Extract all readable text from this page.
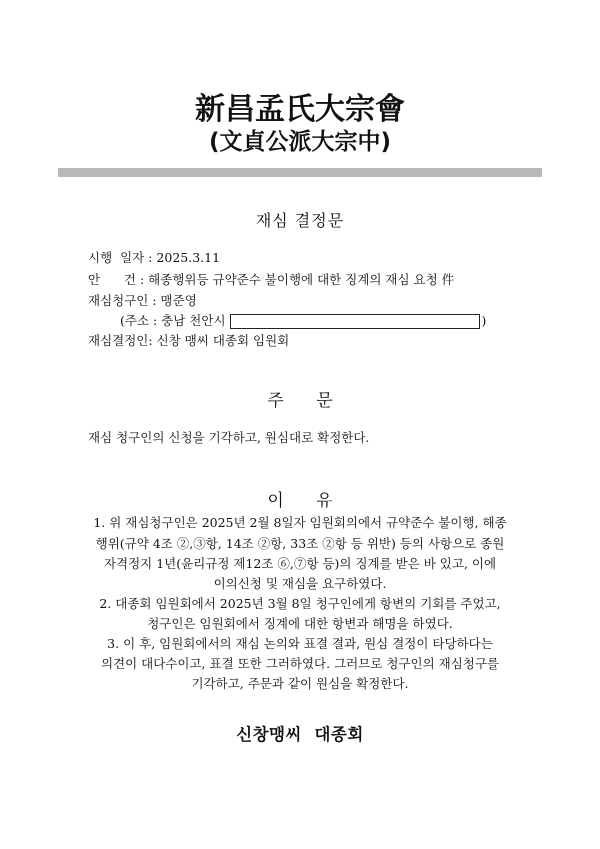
新昌孟氏大宗會
(文貞公派大宗中)
재심 결정문
시행  일자 : 2025.3.11
안      건 : 해종행위등 규약준수 불이행에 대한 징계의 재심 요청 件
재심청구인 : 맹준영
(주소 : 충남 천안시	)
재심결정인: 신창 맹씨 대종회 임원회
주      문
재심 청구인의 신청을 기각하고, 원심대로 확정한다.
이      유
1. 위 재심청구인은 2025년 2월 8일자 임원회의에서 규약준수 불이행, 해종
행위(규약 4조 ②,③항, 14조 ②항, 33조 ②항 등 위반) 등의 사항으로 종원
자격정지 1년(윤리규정 제12조 ⑥,⑦항 등)의 징계를 받은 바 있고, 이에
이의신청 및 재심을 요구하였다.
2. 대종회 임원회에서 2025년 3월 8일 청구인에게 항변의 기회를 주었고,
청구인은 임원회에서 징계에 대한 항변과 해명을 하였다.
3. 이 후, 임원회에서의 재심 논의와 표결 결과, 원심 결정이 타당하다는
의견이 대다수이고, 표결 또한 그러하였다. 그러므로 청구인의 재심청구를
기각하고, 주문과 같이 원심을 확정한다.
신창맹씨  대종회
